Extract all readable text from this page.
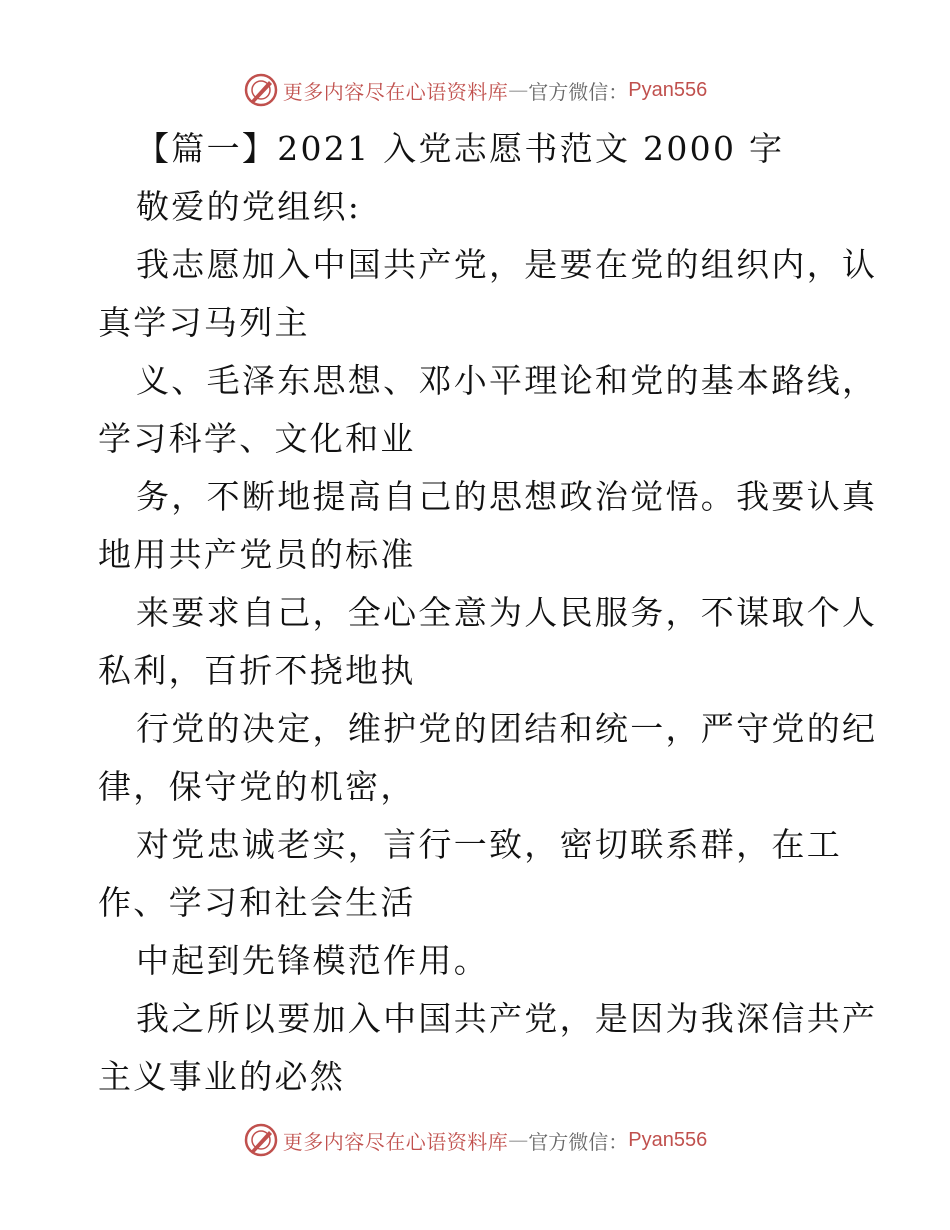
更多内容尽在心语资料库 — 官方微信： Pyan556
【篇一】2021 入党志愿书范文 2000 字
敬爱的党组织:
我志愿加入中国共产党，是要在党的组织内，认
真学习马列主
义、毛泽东思想、邓小平理论和党的基本路线，
学习科学、文化和业
务，不断地提高自己的思想政治觉悟。我要认真
地用共产党员的标准
来要求自己，全心全意为人民服务，不谋取个人
私利，百折不挠地执
行党的决定，维护党的团结和统一，严守党的纪
律，保守党的机密，
对党忠诚老实，言行一致，密切联系群，在工
作、学习和社会生活
中起到先锋模范作用。
我之所以要加入中国共产党，是因为我深信共产
主义事业的必然
更多内容尽在心语资料库 — 官方微信： Pyan556
